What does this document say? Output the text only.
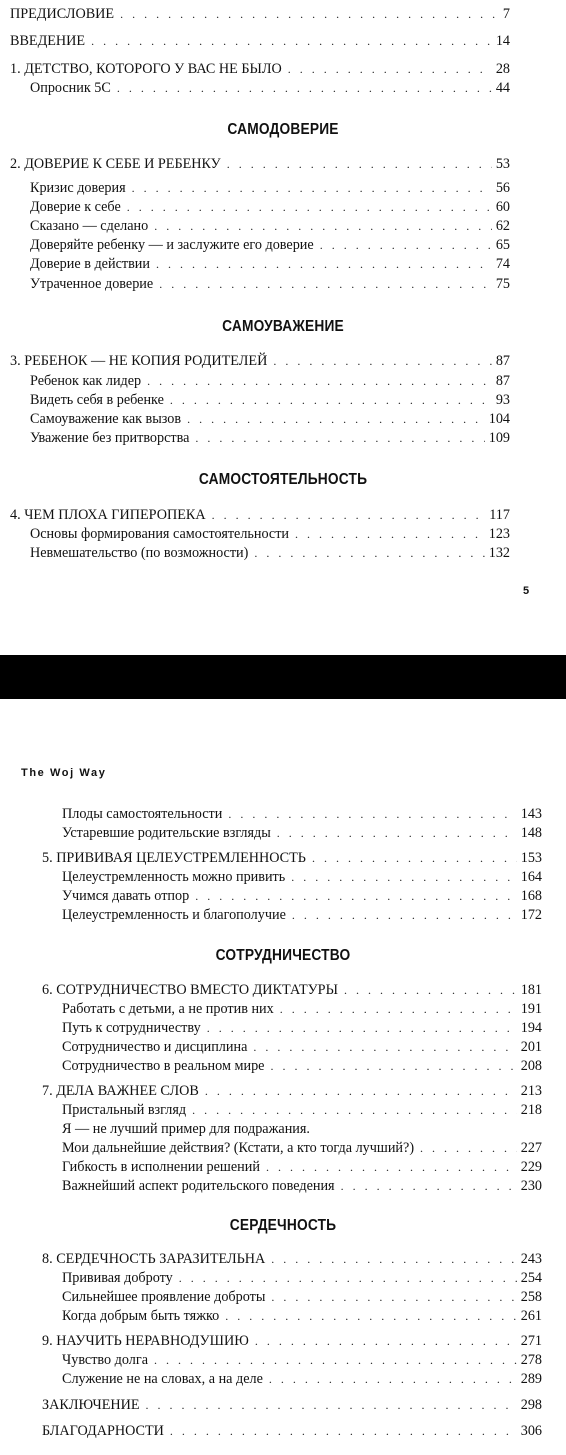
ПРЕДИСЛОВИЕ . . .	7
ВВЕДЕНИЕ . . .	14
1. ДЕТСТВО, КОТОРОГО У ВАС НЕ БЫЛО . . .	28
Опросник 5С . . .	44
САМОДОВЕРИЕ
2. ДОВЕРИЕ К СЕБЕ И РЕБЕНКУ . . .	53
Кризис доверия . . .	56
Доверие к себе . . .	60
Сказано — сделано . . .	62
Доверяйте ребенку — и заслужите его доверие . . .	65
Доверие в действии . . .	74
Утраченное доверие . . .	75
САМОУВАЖЕНИЕ
3. РЕБЕНОК — НЕ КОПИЯ РОДИТЕЛЕЙ . . .	87
Ребенок как лидер . . .	87
Видеть себя в ребенке . . .	93
Самоуважение как вызов . . .	104
Уважение без притворства . . .	109
САМОСТОЯТЕЛЬНОСТЬ
4. ЧЕМ ПЛОХА ГИПЕРОПЕКА . . .	117
Основы формирования самостоятельности . . .	123
Невмешательство (по возможности) . . .	132
5
The Woj Way
Плоды самостоятельности . . .	143
Устаревшие родительские взгляды . . .	148
5. ПРИВИВАЯ ЦЕЛЕУСТРЕМЛЕННОСТЬ . . .	153
Целеустремленность можно привить . . .	164
Учимся давать отпор . . .	168
Целеустремленность и благополучие . . .	172
СОТРУДНИЧЕСТВО
6. СОТРУДНИЧЕСТВО ВМЕСТО ДИКТАТУРЫ . . .	181
Работать с детьми, а не против них . . .	191
Путь к сотрудничеству . . .	194
Сотрудничество и дисциплина . . .	201
Сотрудничество в реальном мире . . .	208
7. ДЕЛА ВАЖНЕЕ СЛОВ . . .	213
Пристальный взгляд . . .	218
Я — не лучший пример для подражания.
Мои дальнейшие действия? (Кстати, а кто тогда лучший?) . . .	227
Гибкость в исполнении решений . . .	229
Важнейший аспект родительского поведения . . .	230
СЕРДЕЧНОСТЬ
8. СЕРДЕЧНОСТЬ ЗАРАЗИТЕЛЬНА . . .	243
Прививая доброту . . .	254
Сильнейшее проявление доброты . . .	258
Когда добрым быть тяжко . . .	261
9. НАУЧИТЬ НЕРАВНОДУШИЮ . . .	271
Чувство долга . . .	278
Служение не на словах, а на деле . . .	289
ЗАКЛЮЧЕНИЕ . . .	298
БЛАГОДАРНОСТИ . . .	306
